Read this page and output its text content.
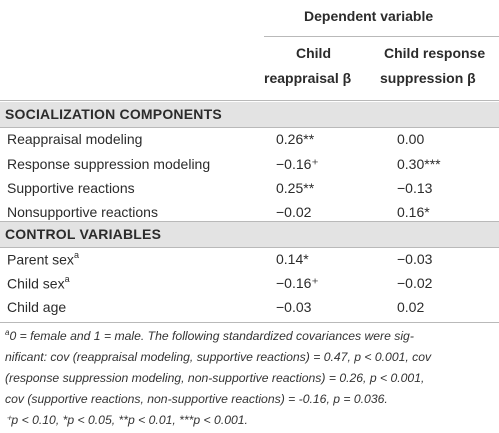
Dependent variable
Child
reappraisal β
Child response
suppression β
SOCIALIZATION COMPONENTS
Reappraisal modeling	0.26**	0.00
Response suppression modeling	−0.16⁺	0.30***
Supportive reactions	0.25**	−0.13
Nonsupportive reactions	−0.02	0.16*
CONTROL VARIABLES
Parent sex$^a$	0.14*	−0.03
Child sex$^a$	−0.16⁺	−0.02
Child age	−0.03	0.02
$^a$0 = female and 1 = male. The following standardized covariances were sig-
nificant: cov (reappraisal modeling, supportive reactions) = 0.47, p < 0.001, cov
(response suppression modeling, non-supportive reactions) = 0.26, p < 0.001,
cov (supportive reactions, non-supportive reactions) = -0.16, p = 0.036.
⁺p < 0.10, *p < 0.05, **p < 0.01, ***p < 0.001.
